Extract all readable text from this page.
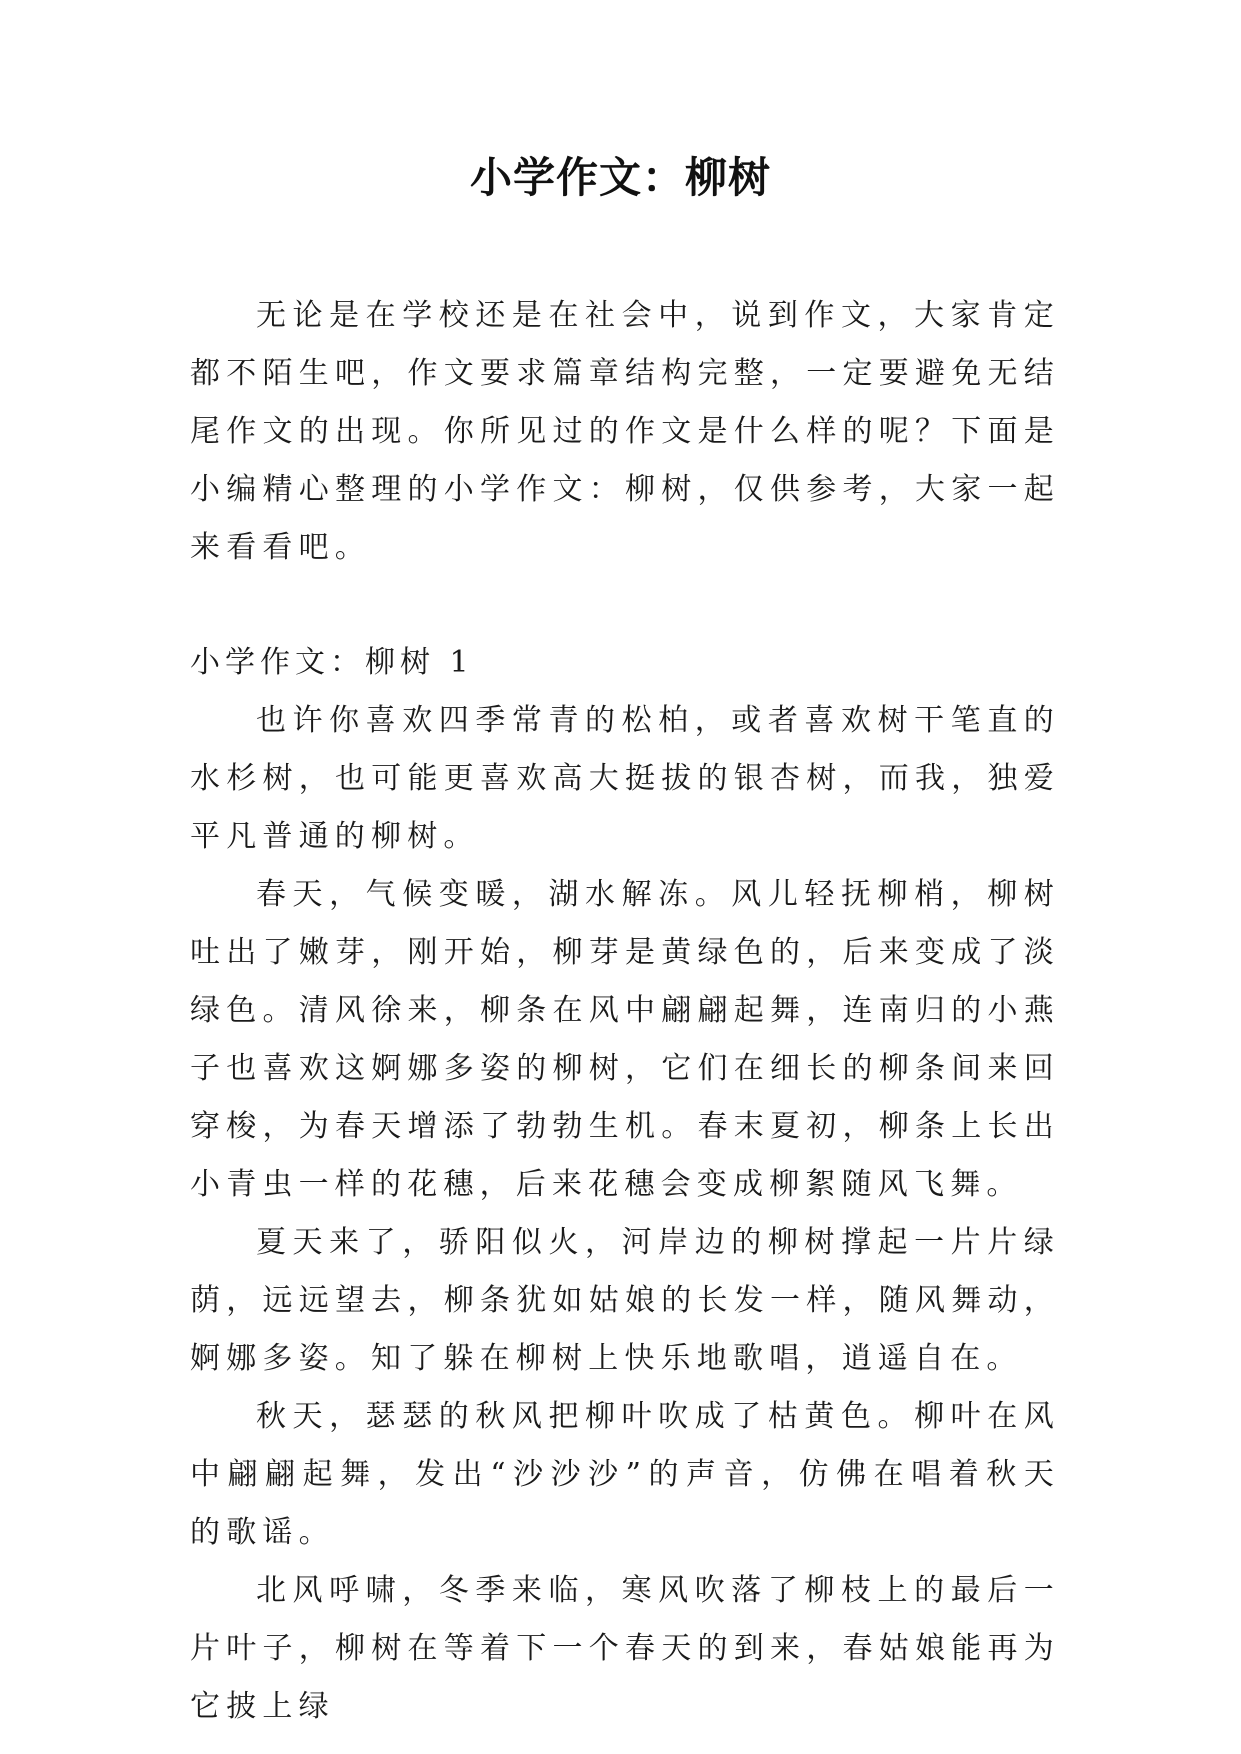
小学作文：柳树

无论是在学校还是在社会中，说到作文，大家肯定都不陌生吧，作文要求篇章结构完整，一定要避免无结尾作文的出现。你所见过的作文是什么样的呢？下面是小编精心整理的小学作文：柳树，仅供参考，大家一起来看看吧。

小学作文：柳树 1

也许你喜欢四季常青的松柏，或者喜欢树干笔直的水杉树，也可能更喜欢高大挺拔的银杏树，而我，独爱平凡普通的柳树。

春天，气候变暖，湖水解冻。风儿轻抚柳梢，柳树吐出了嫩芽，刚开始，柳芽是黄绿色的，后来变成了淡绿色。清风徐来，柳条在风中翩翩起舞，连南归的小燕子也喜欢这婀娜多姿的柳树，它们在细长的柳条间来回穿梭，为春天增添了勃勃生机。春末夏初，柳条上长出小青虫一样的花穗，后来花穗会变成柳絮随风飞舞。

夏天来了，骄阳似火，河岸边的柳树撑起一片片绿荫，远远望去，柳条犹如姑娘的长发一样，随风舞动，婀娜多姿。知了躲在柳树上快乐地歌唱，逍遥自在。

秋天，瑟瑟的秋风把柳叶吹成了枯黄色。柳叶在风中翩翩起舞，发出“沙沙沙”的声音，仿佛在唱着秋天的歌谣。

北风呼啸，冬季来临，寒风吹落了柳枝上的最后一片叶子，柳树在等着下一个春天的到来，春姑娘能再为它披上绿
